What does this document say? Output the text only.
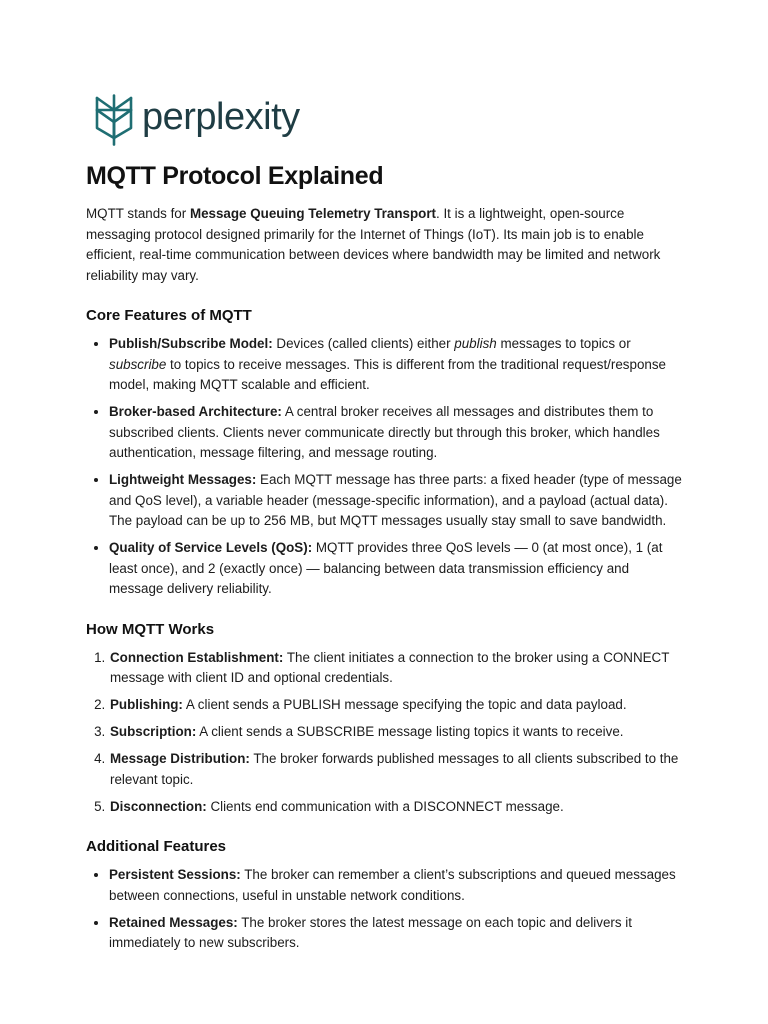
perplexity
MQTT Protocol Explained

MQTT stands for Message Queuing Telemetry Transport. It is a lightweight, open-source messaging protocol designed primarily for the Internet of Things (IoT). Its main job is to enable efficient, real-time communication between devices where bandwidth may be limited and network reliability may vary.

Core Features of MQTT
• Publish/Subscribe Model: Devices (called clients) either publish messages to topics or subscribe to topics to receive messages. This is different from the traditional request/response model, making MQTT scalable and efficient.
• Broker-based Architecture: A central broker receives all messages and distributes them to subscribed clients. Clients never communicate directly but through this broker, which handles authentication, message filtering, and message routing.
• Lightweight Messages: Each MQTT message has three parts: a fixed header (type of message and QoS level), a variable header (message-specific information), and a payload (actual data). The payload can be up to 256 MB, but MQTT messages usually stay small to save bandwidth.
• Quality of Service Levels (QoS): MQTT provides three QoS levels — 0 (at most once), 1 (at least once), and 2 (exactly once) — balancing between data transmission efficiency and message delivery reliability.
How MQTT Works
1. Connection Establishment: The client initiates a connection to the broker using a CONNECT message with client ID and optional credentials.
2. Publishing: A client sends a PUBLISH message specifying the topic and data payload.
3. Subscription: A client sends a SUBSCRIBE message listing topics it wants to receive.
4. Message Distribution: The broker forwards published messages to all clients subscribed to the relevant topic.
5. Disconnection: Clients end communication with a DISCONNECT message.
Additional Features
• Persistent Sessions: The broker can remember a client’s subscriptions and queued messages between connections, useful in unstable network conditions.
• Retained Messages: The broker stores the latest message on each topic and delivers it immediately to new subscribers.
